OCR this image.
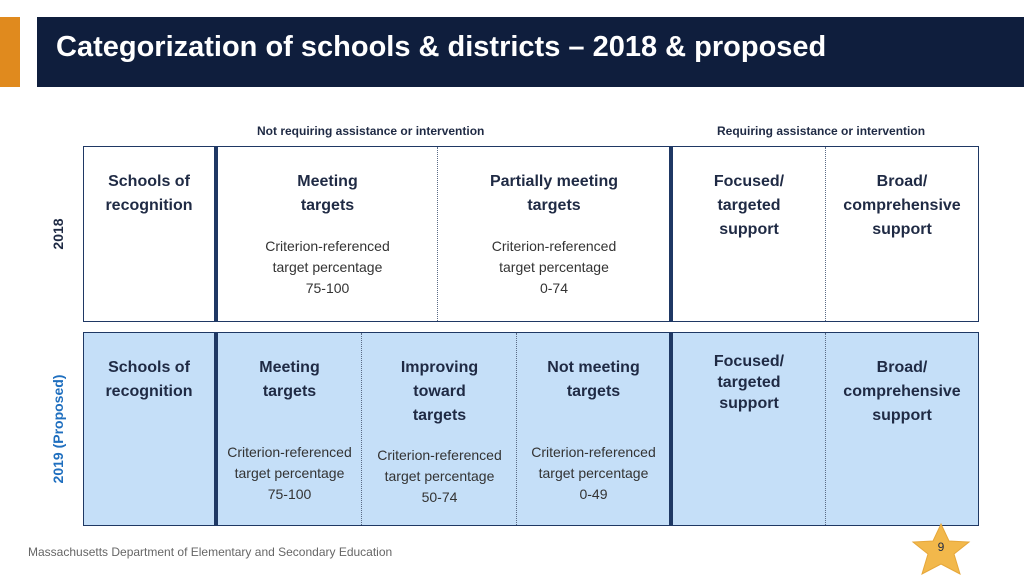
Categorization of schools & districts – 2018 & proposed
Not requiring assistance or intervention	Requiring assistance or intervention
2018
2019 (Proposed)
Schools of
recognition
Meeting
targets
Criterion-referenced
target percentage
75-100
Partially meeting
targets
Criterion-referenced
target percentage
0-74
Focused/
targeted
support
Broad/
comprehensive
support
Schools of
recognition
Meeting
targets
Criterion-referenced
target percentage
75-100
Improving
toward
targets
Criterion-referenced
target percentage
50-74
Not meeting
targets
Criterion-referenced
target percentage
0-49
Focused/
targeted
support
Broad/
comprehensive
support
Massachusetts Department of Elementary and Secondary Education	9
